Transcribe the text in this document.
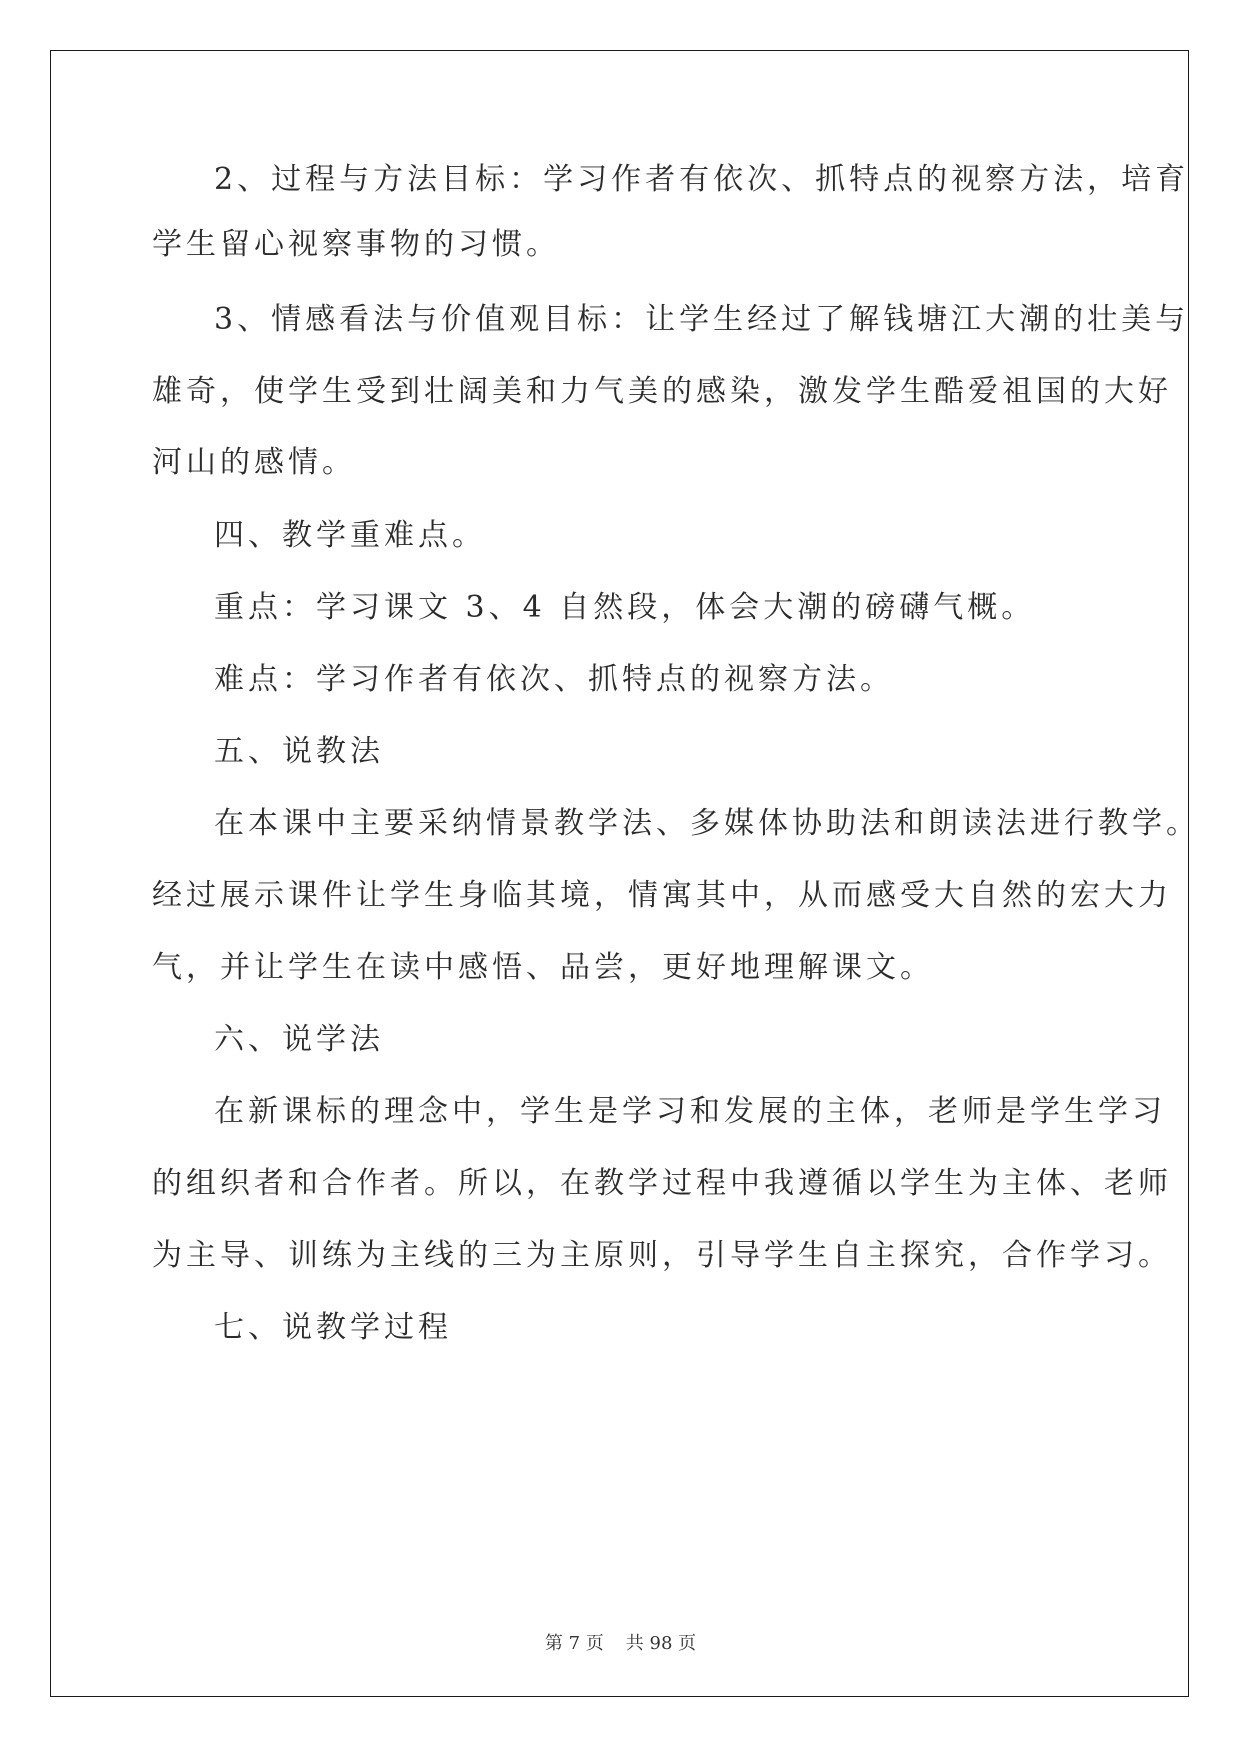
2、过程与方法目标：学习作者有依次、抓特点的视察方法，培育
学生留心视察事物的习惯。
3、情感看法与价值观目标：让学生经过了解钱塘江大潮的壮美与
雄奇，使学生受到壮阔美和力气美的感染，激发学生酷爱祖国的大好
河山的感情。
四、教学重难点。
重点：学习课文 3、4 自然段，体会大潮的磅礴气概。
难点：学习作者有依次、抓特点的视察方法。
五、说教法
在本课中主要采纳情景教学法、多媒体协助法和朗读法进行教学。
经过展示课件让学生身临其境，情寓其中，从而感受大自然的宏大力
气，并让学生在读中感悟、品尝，更好地理解课文。
六、说学法
在新课标的理念中，学生是学习和发展的主体，老师是学生学习
的组织者和合作者。所以，在教学过程中我遵循以学生为主体、老师
为主导、训练为主线的三为主原则，引导学生自主探究，合作学习。
七、说教学过程
第 7 页 共 98 页
